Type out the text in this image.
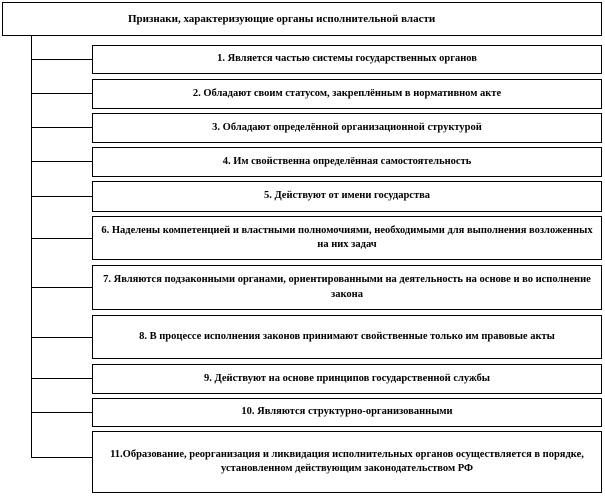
Признаки, характеризующие органы исполнительной власти
1. Является частью системы государственных органов
2. Обладают своим статусом, закреплённым в нормативном акте
3. Обладают определённой организационной структурой
4. Им свойственна определённая самостоятельность
5. Действуют от имени государства
6. Наделены компетенцией и властными полномочиями, необходимыми для выполнения возложенных на них задач
7. Являются подзаконными органами, ориентированными на деятельность на основе и во исполнение закона
8. В процессе исполнения законов принимают свойственные только им правовые акты
9. Действуют на основе принципов государственной службы
10. Являются структурно-организованными
11.Образование, реорганизация и ликвидация исполнительных органов осуществляется в порядке, установленном действующим законодательством РФ
